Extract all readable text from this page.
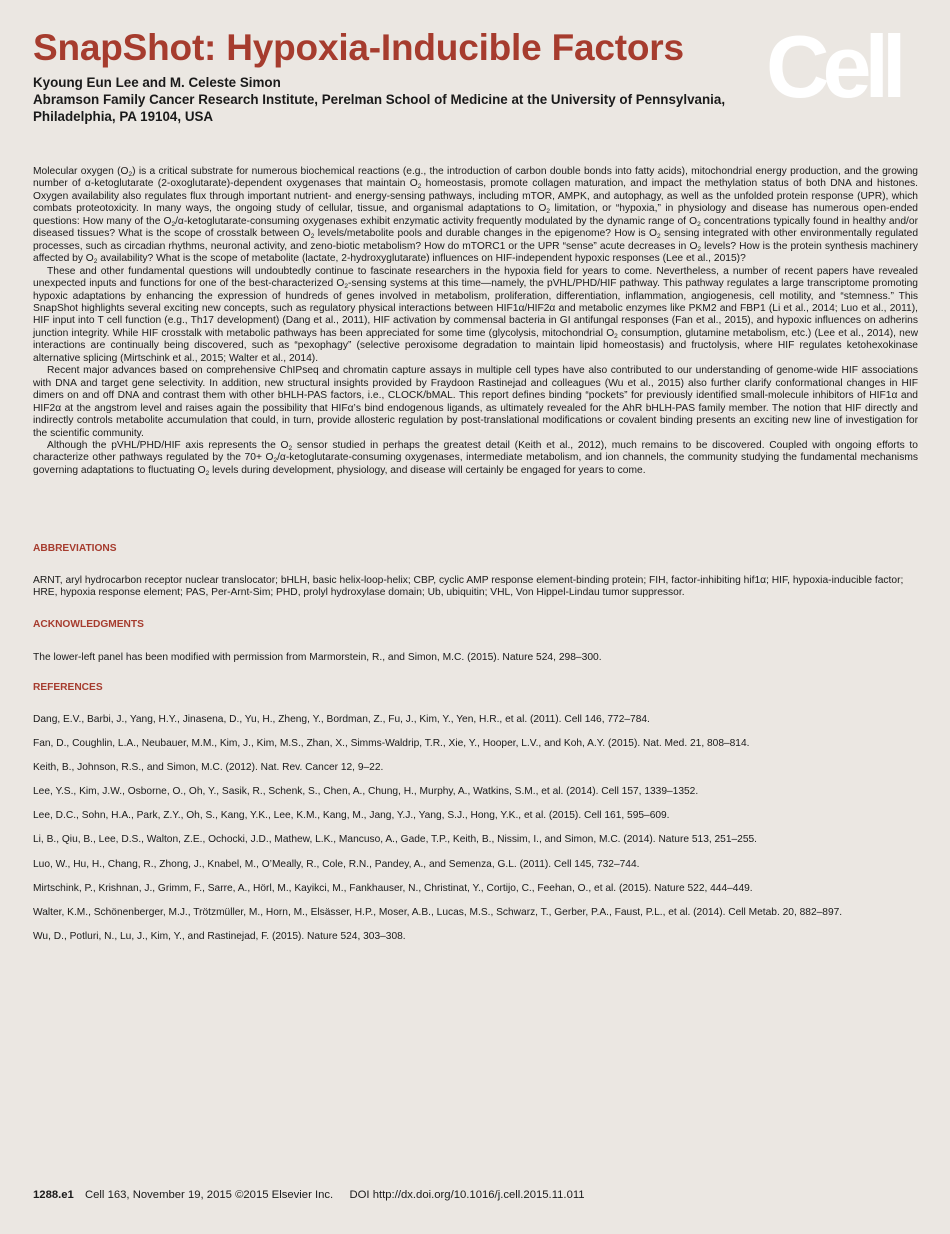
SnapShot: Hypoxia-Inducible Factors Cell
Kyoung Eun Lee and M. Celeste Simon
Abramson Family Cancer Research Institute, Perelman School of Medicine at the University of Pennsylvania,
Philadelphia, PA 19104, USA

Molecular oxygen $(O_2)$ is a critical substrate for numerous biochemical reactions (e.g., the introduction of carbon double bonds into fatty acids), mitochondrial energy production, and the growing number of α-ketoglutarate (2-oxoglutarate)-dependent oxygenases that maintain $O_2$ homeostasis, promote collagen maturation, and impact the methylation status of both DNA and histones. Oxygen availability also regulates flux through important nutrient- and energy-sensing pathways, including mTOR, AMPK, and autophagy, as well as the unfolded protein response (UPR), which combats proteotoxicity. In many ways, the ongoing study of cellular, tissue, and organismal adaptations to $O_2$ limitation, or “hypoxia,” in physiology and disease has numerous open-ended questions: How many of the $O_2/\alpha-ketoglutarate$-consuming oxygenases exhibit enzymatic activity frequently modulated by the dynamic range of $O_2$ concentrations typically found in healthy and/or diseased tissues? What is the scope of crosstalk between $O_2$ levels/metabolite pools and durable changes in the epigenome? How is $O_2$ sensing integrated with other environmentally regulated processes, such as circadian rhythms, neuronal activity, and zeno-biotic metabolism? How do mTORC1 or the UPR “sense” acute decreases in $O_2$ levels? How is the protein synthesis machinery affected by $O_2$ availability? What is the scope of metabolite (lactate, 2-hydroxyglutarate) influences on HIF-independent hypoxic responses (Lee et al., 2015)?

These and other fundamental questions will undoubtedly continue to fascinate researchers in the hypoxia field for years to come. Nevertheless, a number of recent papers have revealed unexpected inputs and functions for one of the best-characterized $O_2$-sensing systems at this time—namely, the pVHL/PHD/HIF pathway. This pathway regulates a large transcriptome promoting hypoxic adaptations by enhancing the expression of hundreds of genes involved in metabolism, proliferation, differentiation, inflammation, angiogenesis, cell motility, and “stemness.” This SnapShot highlights several exciting new concepts, such as regulatory physical interactions between HIF1α/HIF2α and metabolic enzymes like PKM2 and FBP1 (Li et al., 2014; Luo et al., 2011), HIF input into T cell function (e.g., Th17 development) (Dang et al., 2011), HIF activation by commensal bacteria in GI antifungal responses (Fan et al., 2015), and hypoxic influences on adherins junction integrity. While HIF crosstalk with metabolic pathways has been appreciated for some time (glycolysis, mitochondrial $O_2$ consumption, glutamine metabolism, etc.) (Lee et al., 2014), new interactions are continually being discovered, such as “pexophagy” (selective peroxisome degradation to maintain lipid homeostasis) and fructolysis, where HIF regulates ketohexokinase alternative splicing (Mirtschink et al., 2015; Walter et al., 2014).

Recent major advances based on comprehensive ChIPseq and chromatin capture assays in multiple cell types have also contributed to our understanding of genome-wide HIF associations with DNA and target gene selectivity. In addition, new structural insights provided by Fraydoon Rastinejad and colleagues (Wu et al., 2015) also further clarify conformational changes in HIF dimers on and off DNA and contrast them with other bHLH-PAS factors, i.e., CLOCK/bMAL. This report defines binding “pockets” for previously identified small-molecule inhibitors of HIF1α and HIF2α at the angstrom level and raises again the possibility that HIFα’s bind endogenous ligands, as ultimately revealed for the AhR bHLH-PAS family member. The notion that HIF directly and indirectly controls metabolite accumulation that could, in turn, provide allosteric regulation by post-translational modifications or covalent binding presents an exciting new line of investigation for the scientific community.

Although the pVHL/PHD/HIF axis represents the $O_2$ sensor studied in perhaps the greatest detail (Keith et al., 2012), much remains to be discovered. Coupled with ongoing efforts to characterize other pathways regulated by the $70+ O_2/\alpha-ketoglutarate$-consuming oxygenases, intermediate metabolism, and ion channels, the community studying the fundamental mechanisms governing adaptations to fluctuating $O_2$ levels during development, physiology, and disease will certainly be engaged for years to come.

ABBREVIATIONS

ARNT, aryl hydrocarbon receptor nuclear translocator; bHLH, basic helix-loop-helix; CBP, cyclic AMP response element-binding protein; FIH, factor-inhibiting hif1α; HIF, hypoxia-inducible factor; HRE, hypoxia response element; PAS, Per-Arnt-Sim; PHD, prolyl hydroxylase domain; Ub, ubiquitin; VHL, Von Hippel-Lindau tumor suppressor.

ACKNOWLEDGMENTS

The lower-left panel has been modified with permission from Marmorstein, R., and Simon, M.C. (2015). Nature 524, 298–300.

REFERENCES
Dang, E.V., Barbi, J., Yang, H.Y., Jinasena, D., Yu, H., Zheng, Y., Bordman, Z., Fu, J., Kim, Y., Yen, H.R., et al. (2011). Cell 146, 772–784.
Fan, D., Coughlin, L.A., Neubauer, M.M., Kim, J., Kim, M.S., Zhan, X., Simms-Waldrip, T.R., Xie, Y., Hooper, L.V., and Koh, A.Y. (2015). Nat. Med. 21, 808–814.
Keith, B., Johnson, R.S., and Simon, M.C. (2012). Nat. Rev. Cancer 12, 9–22.
Lee, Y.S., Kim, J.W., Osborne, O., Oh, Y., Sasik, R., Schenk, S., Chen, A., Chung, H., Murphy, A., Watkins, S.M., et al. (2014). Cell 157, 1339–1352.
Lee, D.C., Sohn, H.A., Park, Z.Y., Oh, S., Kang, Y.K., Lee, K.M., Kang, M., Jang, Y.J., Yang, S.J., Hong, Y.K., et al. (2015). Cell 161, 595–609.
Li, B., Qiu, B., Lee, D.S., Walton, Z.E., Ochocki, J.D., Mathew, L.K., Mancuso, A., Gade, T.P., Keith, B., Nissim, I., and Simon, M.C. (2014). Nature 513, 251–255.
Luo, W., Hu, H., Chang, R., Zhong, J., Knabel, M., O’Meally, R., Cole, R.N., Pandey, A., and Semenza, G.L. (2011). Cell 145, 732–744.
Mirtschink, P., Krishnan, J., Grimm, F., Sarre, A., Hörl, M., Kayikci, M., Fankhauser, N., Christinat, Y., Cortijo, C., Feehan, O., et al. (2015). Nature 522, 444–449.
Walter, K.M., Schönenberger, M.J., Trötzmüller, M., Horn, M., Elsässer, H.P., Moser, A.B., Lucas, M.S., Schwarz, T., Gerber, P.A., Faust, P.L., et al. (2014). Cell Metab. 20, 882–897.
Wu, D., Potluri, N., Lu, J., Kim, Y., and Rastinejad, F. (2015). Nature 524, 303–308.
1288.e1 Cell 163, November 19, 2015 ©2015 Elsevier Inc. DOI http://dx.doi.org/10.1016/j.cell.2015.11.011
